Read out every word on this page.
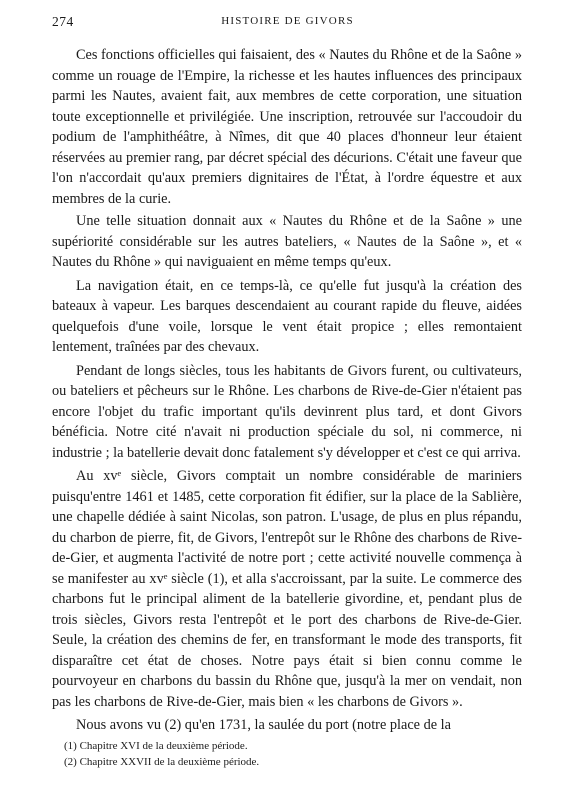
274	HISTOIRE DE GIVORS

Ces fonctions officielles qui faisaient, des « Nautes du Rhône et de la Saône » comme un rouage de l'Empire, la richesse et les hautes influences des principaux parmi les Nautes, avaient fait, aux membres de cette corporation, une situation toute exceptionnelle et privilégiée. Une inscription, retrouvée sur l'accoudoir du podium de l'amphithéâtre, à Nîmes, dit que 40 places d'honneur leur étaient réservées au premier rang, par décret spécial des décurions. C'était une faveur que l'on n'accordait qu'aux premiers dignitaires de l'État, à l'ordre équestre et aux membres de la curie.

Une telle situation donnait aux « Nautes du Rhône et de la Saône » une supériorité considérable sur les autres bateliers, « Nautes de la Saône », et « Nautes du Rhône » qui naviguaient en même temps qu'eux.

La navigation était, en ce temps-là, ce qu'elle fut jusqu'à la création des bateaux à vapeur. Les barques descendaient au courant rapide du fleuve, aidées quelquefois d'une voile, lorsque le vent était propice ; elles remontaient lentement, traînées par des chevaux.

Pendant de longs siècles, tous les habitants de Givors furent, ou cultivateurs, ou bateliers et pêcheurs sur le Rhône. Les charbons de Rive-de-Gier n'étaient pas encore l'objet du trafic important qu'ils devinrent plus tard, et dont Givors bénéficia. Notre cité n'avait ni production spéciale du sol, ni commerce, ni industrie ; la batellerie devait donc fatalement s'y développer et c'est ce qui arriva.

Au xvᵉ siècle, Givors comptait un nombre considérable de mariniers puisqu'entre 1461 et 1485, cette corporation fit édifier, sur la place de la Sablière, une chapelle dédiée à saint Nicolas, son patron. L'usage, de plus en plus répandu, du charbon de pierre, fit, de Givors, l'entrepôt sur le Rhône des charbons de Rive-de-Gier, et augmenta l'activité de notre port ; cette activité nouvelle commença à se manifester au xvᵉ siècle (1), et alla s'accroissant, par la suite. Le commerce des charbons fut le principal aliment de la batellerie givordine, et, pendant plus de trois siècles, Givors resta l'entrepôt et le port des charbons de Rive-de-Gier. Seule, la création des chemins de fer, en transformant le mode des transports, fit disparaître cet état de choses. Notre pays était si bien connu comme le pourvoyeur en charbons du bassin du Rhône que, jusqu'à la mer on vendait, non pas les charbons de Rive-de-Gier, mais bien « les charbons de Givors ».

Nous avons vu (2) qu'en 1731, la saulée du port (notre place de la

(1) Chapitre XVI de la deuxième période.

(2) Chapitre XXVII de la deuxième période.
